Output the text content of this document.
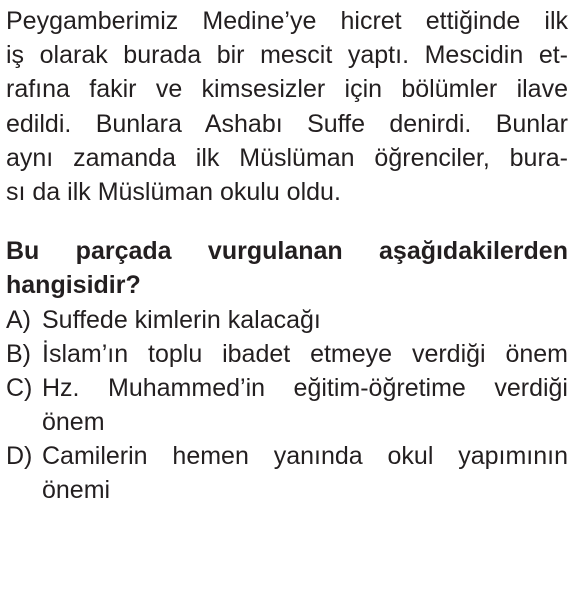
Peygamberimiz Medine’ye hicret ettiğinde ilk
iş olarak burada bir mescit yaptı. Mescidin et-
rafına fakir ve kimsesizler için bölümler ilave
edildi. Bunlara Ashabı Suffe denirdi. Bunlar
aynı zamanda ilk Müslüman öğrenciler, bura-
sı da ilk Müslüman okulu oldu.
Bu parçada vurgulanan aşağıdakilerden
hangisidir?
A) Suffede kimlerin kalacağı
B) İslam’ın toplu ibadet etmeye verdiği önem
C) Hz. Muhammed’in eğitim-öğretime verdiği
önem
D) Camilerin hemen yanında okul yapımının
önemi
